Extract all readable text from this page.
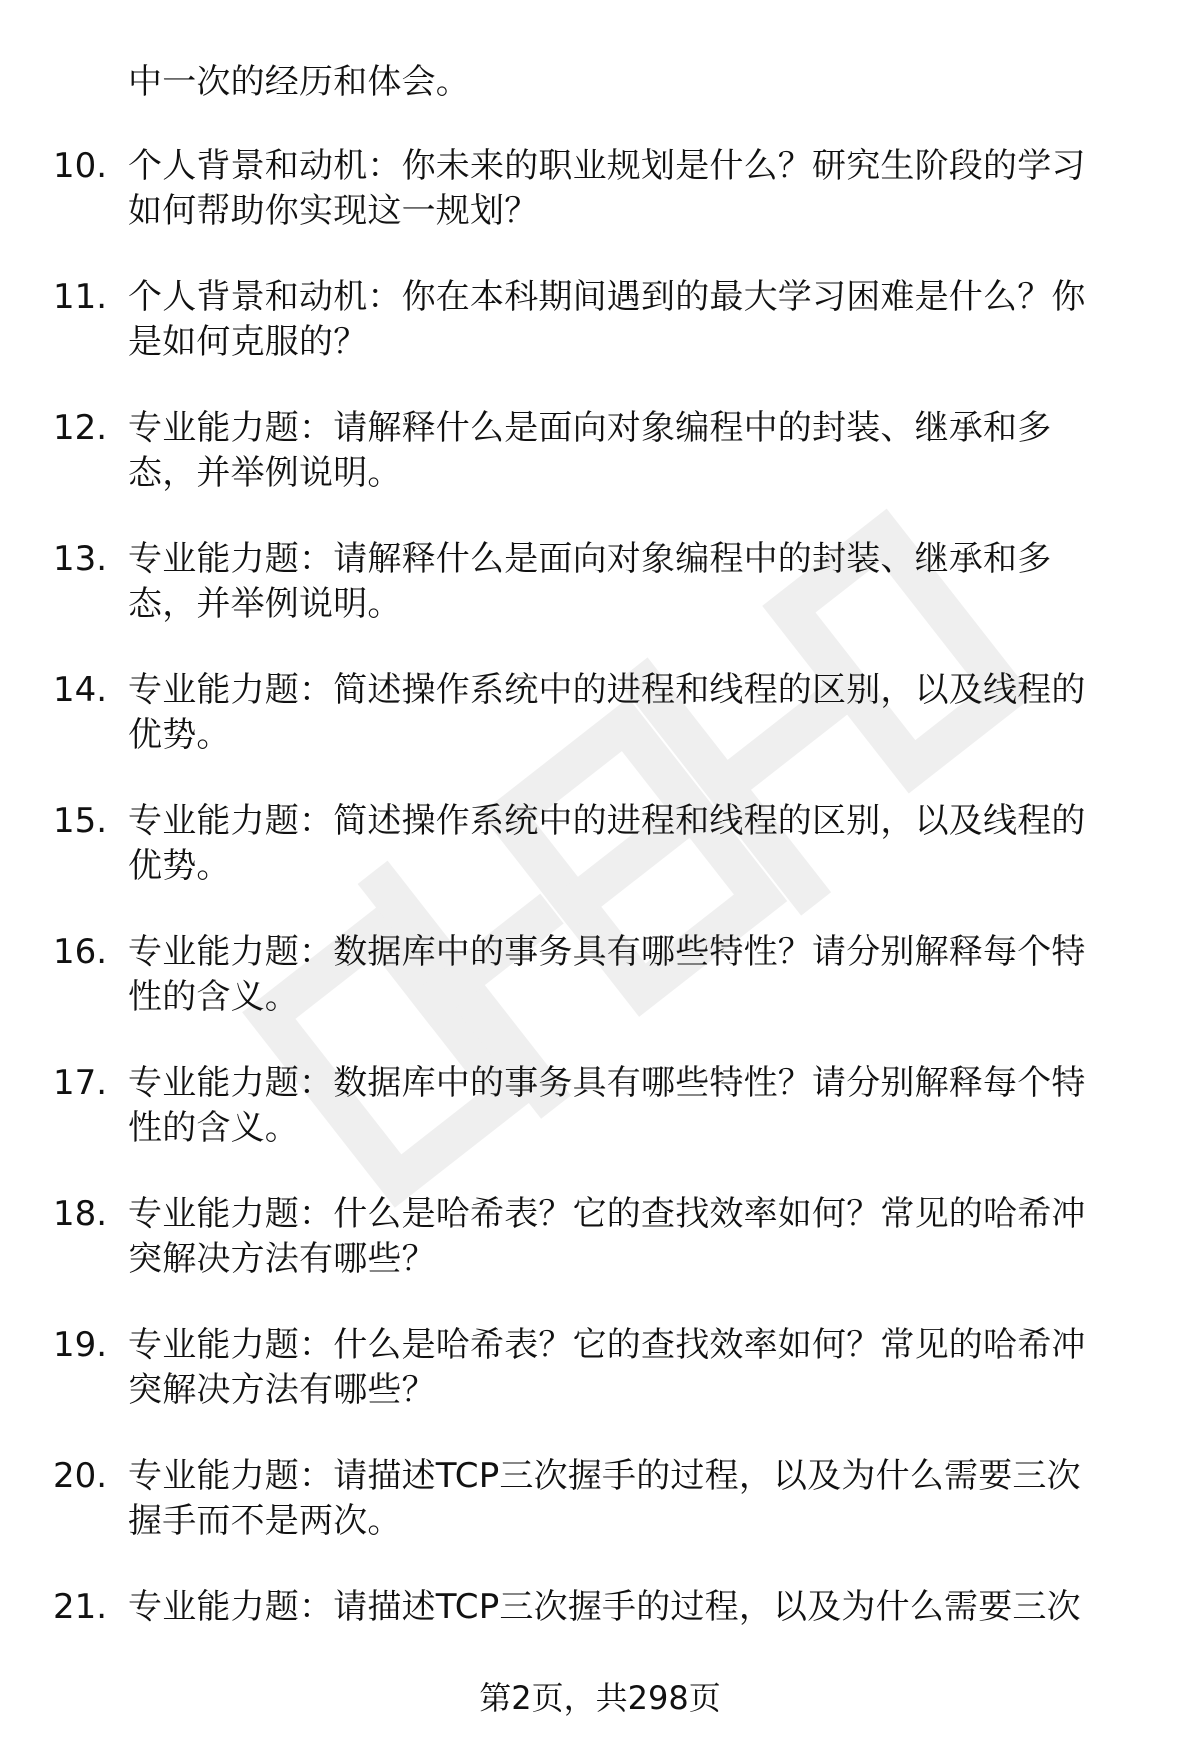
中一次的经历和体会。
10. 个人背景和动机：你未来的职业规划是什么？研究生阶段的学习
如何帮助你实现这一规划？
11. 个人背景和动机：你在本科期间遇到的最大学习困难是什么？你
是如何克服的？
12. 专业能力题：请解释什么是面向对象编程中的封装、继承和多
态，并举例说明。
13. 专业能力题：请解释什么是面向对象编程中的封装、继承和多
态，并举例说明。
14. 专业能力题：简述操作系统中的进程和线程的区别，以及线程的
优势。
15. 专业能力题：简述操作系统中的进程和线程的区别，以及线程的
优势。
16. 专业能力题：数据库中的事务具有哪些特性？请分别解释每个特
性的含义。
17. 专业能力题：数据库中的事务具有哪些特性？请分别解释每个特
性的含义。
18. 专业能力题：什么是哈希表？它的查找效率如何？常见的哈希冲
突解决方法有哪些？
19. 专业能力题：什么是哈希表？它的查找效率如何？常见的哈希冲
突解决方法有哪些？
20. 专业能力题：请描述TCP三次握手的过程，以及为什么需要三次
握手而不是两次。
21. 专业能力题：请描述TCP三次握手的过程，以及为什么需要三次
第2页，共298页
